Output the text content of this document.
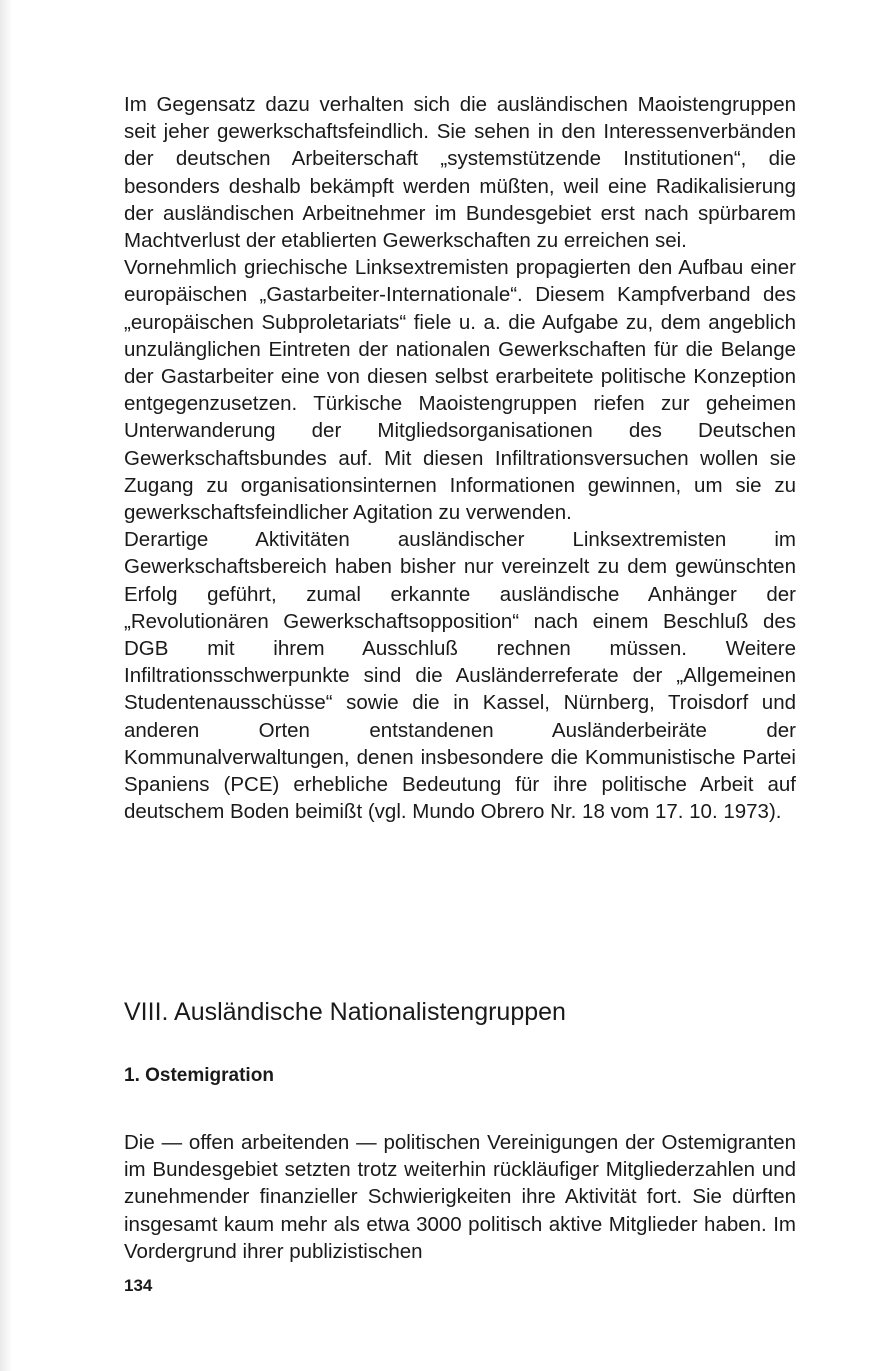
Im Gegensatz dazu verhalten sich die ausländischen Maoistengruppen seit jeher gewerkschaftsfeindlich. Sie sehen in den Interessenverbänden der deutschen Arbeiterschaft „systemstützende Institutionen“, die besonders deshalb bekämpft werden müßten, weil eine Radikalisierung der ausländischen Arbeitnehmer im Bundesgebiet erst nach spürbarem Machtverlust der etablierten Gewerkschaften zu erreichen sei.

Vornehmlich griechische Linksextremisten propagierten den Aufbau einer europäischen „Gastarbeiter-Internationale“. Diesem Kampfverband des „europäischen Subproletariats“ fiele u. a. die Aufgabe zu, dem angeblich unzulänglichen Eintreten der nationalen Gewerkschaften für die Belange der Gastarbeiter eine von diesen selbst erarbeitete politische Konzeption entgegenzusetzen. Türkische Maoistengruppen riefen zur geheimen Unterwanderung der Mitgliedsorganisationen des Deutschen Gewerkschaftsbundes auf. Mit diesen Infiltrationsversuchen wollen sie Zugang zu organisationsinternen Informationen gewinnen, um sie zu gewerkschaftsfeindlicher Agitation zu verwenden.

Derartige Aktivitäten ausländischer Linksextremisten im Gewerkschaftsbereich haben bisher nur vereinzelt zu dem gewünschten Erfolg geführt, zumal erkannte ausländische Anhänger der „Revolutionären Gewerkschaftsopposition“ nach einem Beschluß des DGB mit ihrem Ausschluß rechnen müssen. Weitere Infiltrationsschwerpunkte sind die Ausländerreferate der „Allgemeinen Studentenausschüsse“ sowie die in Kassel, Nürnberg, Troisdorf und anderen Orten entstandenen Ausländerbeiräte der Kommunalverwaltungen, denen insbesondere die Kommunistische Partei Spaniens (PCE) erhebliche Bedeutung für ihre politische Arbeit auf deutschem Boden beimißt (vgl. Mundo Obrero Nr. 18 vom 17. 10. 1973).

VIII. Ausländische Nationalistengruppen
1. Ostemigration

Die — offen arbeitenden — politischen Vereinigungen der Ostemigranten im Bundesgebiet setzten trotz weiterhin rückläufiger Mitgliederzahlen und zunehmender finanzieller Schwierigkeiten ihre Aktivität fort. Sie dürften insgesamt kaum mehr als etwa 3000 politisch aktive Mitglieder haben. Im Vordergrund ihrer publizistischen

134
